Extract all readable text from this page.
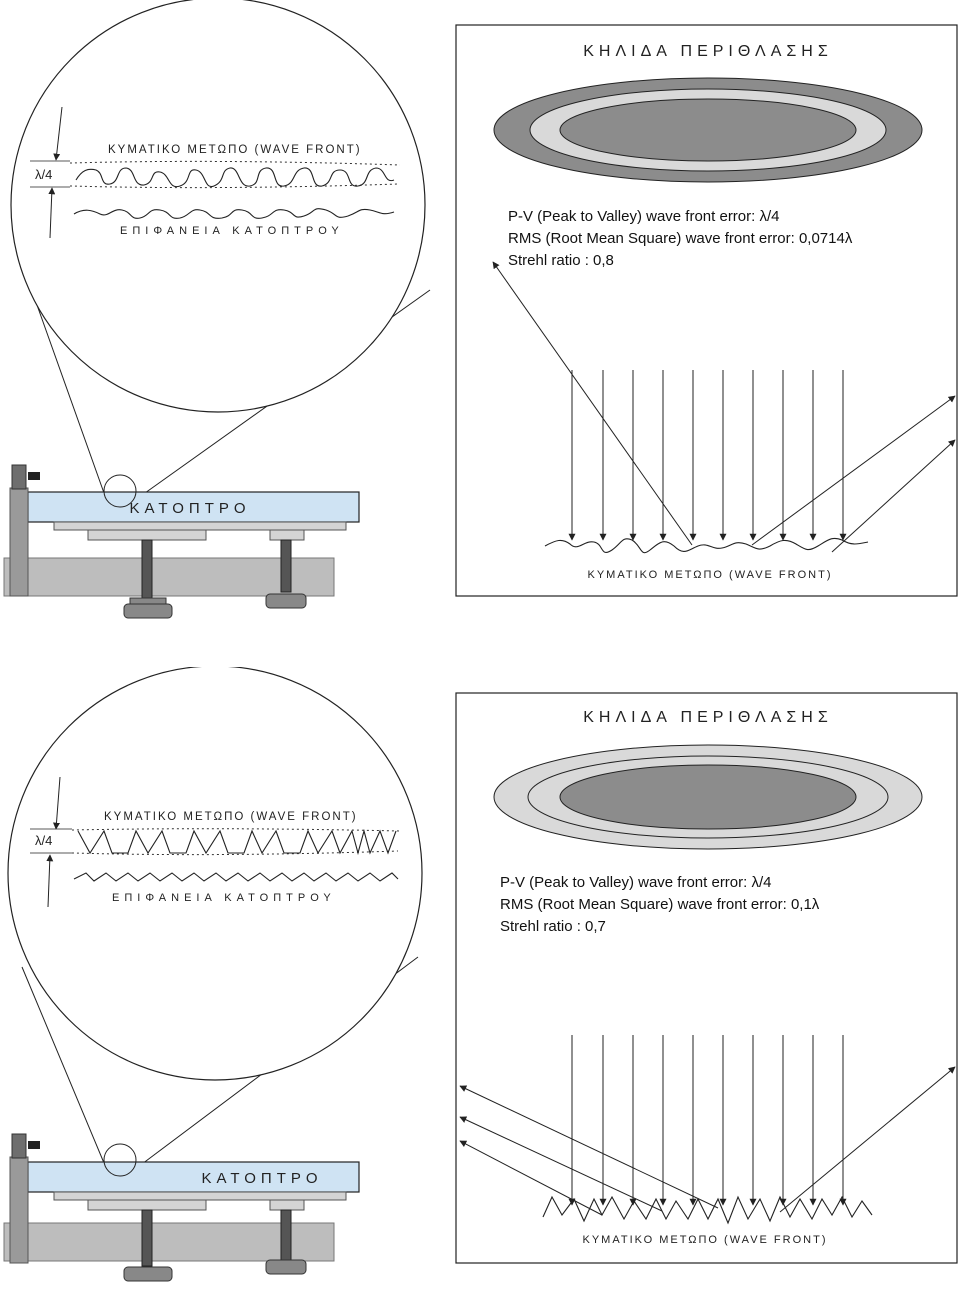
λ/4
ΚΥΜΑΤΙΚΟ ΜΕΤΩΠΟ (WAVE FRONT)
ΕΠΙΦΑΝΕΙΑ ΚΑΤΟΠΤΡΟΥ
ΚΑΤΟΠΤΡΟ
ΚΗΛΙΔΑ ΠΕΡΙΘΛΑΣΗΣ
P-V (Peak to Valley) wave front error: λ/4
RMS (Root Mean Square) wave front error: 0,0714λ
Strehl ratio : 0,8
ΚΥΜΑΤΙΚΟ ΜΕΤΩΠΟ (WAVE FRONT)
λ/4
ΚΥΜΑΤΙΚΟ ΜΕΤΩΠΟ (WAVE FRONT)
ΕΠΙΦΑΝΕΙΑ ΚΑΤΟΠΤΡΟΥ
ΚΑΤΟΠΤΡΟ
ΚΗΛΙΔΑ ΠΕΡΙΘΛΑΣΗΣ
P-V (Peak to Valley) wave front error: λ/4
RMS (Root Mean Square) wave front error: 0,1λ
Strehl ratio : 0,7
ΚΥΜΑΤΙΚΟ ΜΕΤΩΠΟ (WAVE FRONT)
